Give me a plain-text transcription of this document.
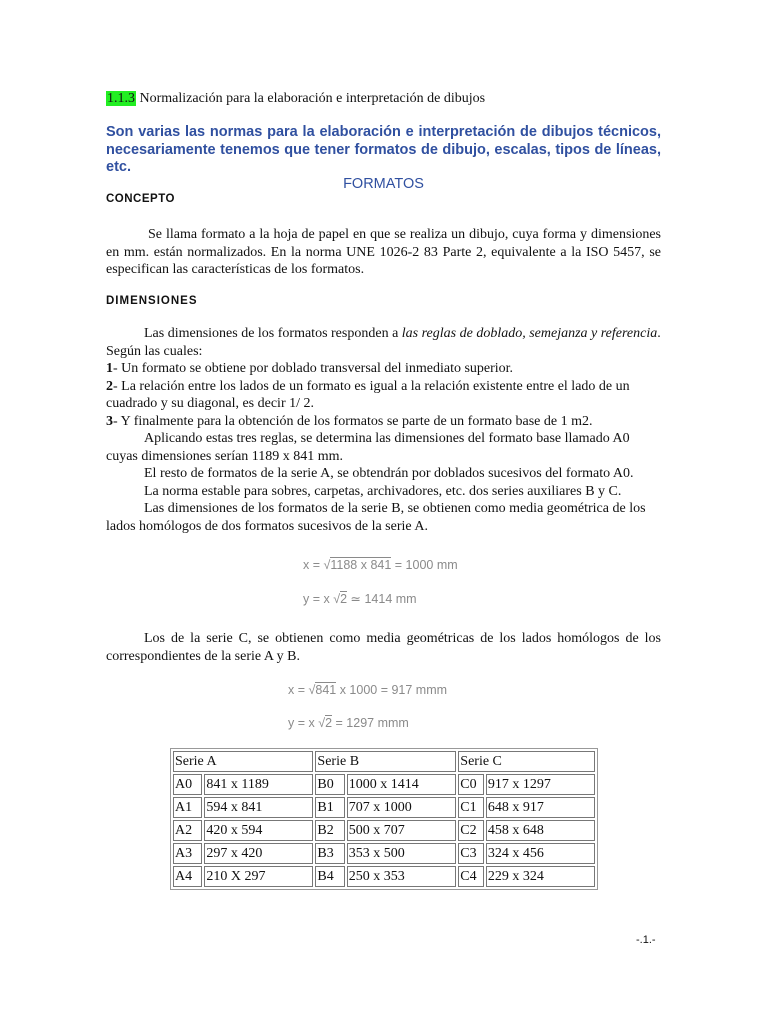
1.1.3 Normalización para la elaboración e interpretación de dibujos
Son varias las normas para la elaboración e interpretación de dibujos técnicos, necesariamente tenemos que tener formatos de dibujo, escalas, tipos de líneas, etc.
FORMATOS
CONCEPTO
Se llama formato a la hoja de papel en que se realiza un dibujo, cuya forma y dimensiones en mm. están normalizados. En la norma UNE 1026-2 83 Parte 2, equivalente a la ISO 5457, se especifican las características de los formatos.
DIMENSIONES
Las dimensiones de los formatos responden a las reglas de doblado, semejanza y referencia. Según las cuales:
1- Un formato se obtiene por doblado transversal del inmediato superior.
2- La relación entre los lados de un formato es igual a la relación existente entre el lado de un cuadrado y su diagonal, es decir 1/ 2.
3- Y finalmente para la obtención de los formatos se parte de un formato base de 1 m2.
Aplicando estas tres reglas, se determina las dimensiones del formato base llamado A0 cuyas dimensiones serían 1189 x 841 mm.
El resto de formatos de la serie A, se obtendrán por doblados sucesivos del formato A0.
La norma estable para sobres, carpetas, archivadores, etc. dos series auxiliares B y C.
Las dimensiones de los formatos de la serie B, se obtienen como media geométrica de los lados homólogos de dos formatos sucesivos de la serie A.
x = √1188 x 841 = 1000 mm
y = x √2 ≃ 1414 mm
Los de la serie C, se obtienen como media geométricas de los lados homólogos de los correspondientes de la serie A y B.
x = √841 x 1000 = 917 mmm
y = x √2 = 1297 mmm
Serie A		Serie B		Serie C	
A0	841 x 1189	B0	1000 x 1414	C0	917 x 1297
A1	594 x 841	B1	707 x 1000	C1	648 x 917
A2	420 x 594	B2	500 x 707	C2	458 x 648
A3	297 x 420	B3	353 x 500	C3	324 x 456
A4	210 X 297	B4	250 x 353	C4	229 x 324
-.1.-
